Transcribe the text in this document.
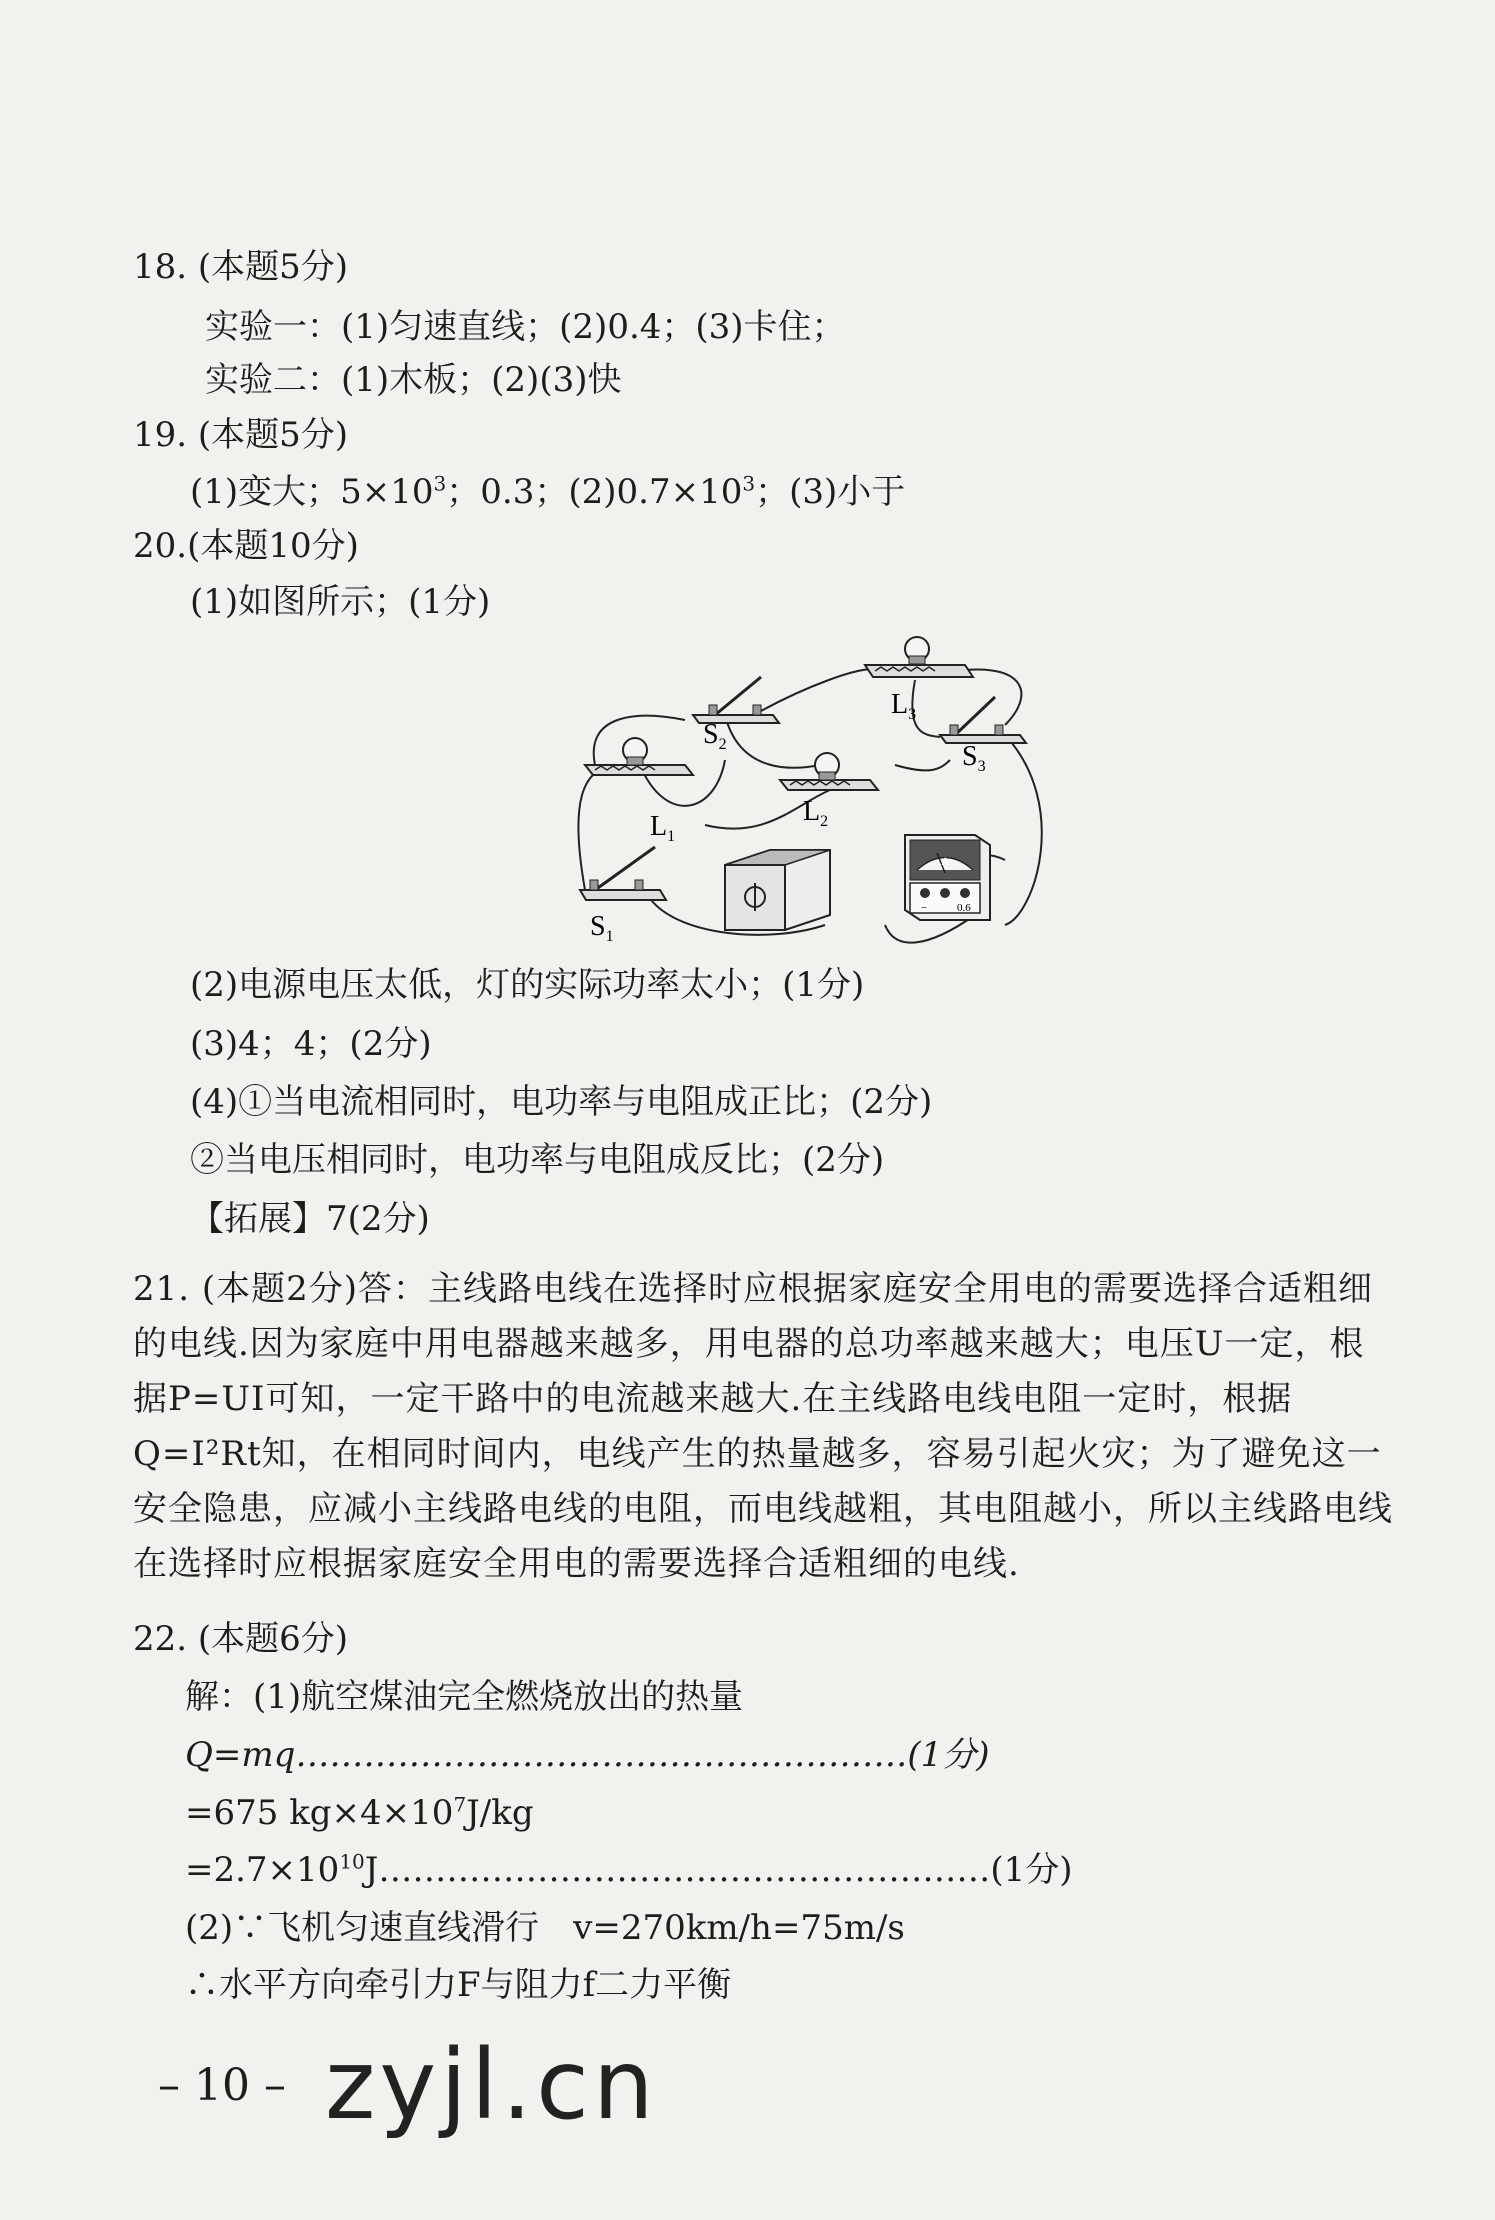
18. (本题5分)
实验一：(1)匀速直线；(2)0.4；(3)卡住；
实验二：(1)木板；(2)(3)快
19. (本题5分)
(1)变大；$5\times 10^3$；0.3；$(2)0.7\times 10^3$；(3)小于
20.(本题10分)
(1)如图所示；(1分)
$S_2$	$S_3$
$S_1$
$L_1$
$L_2$
$L_3$
A
−	0.6
(2)电源电压太低，灯的实际功率太小；(1分)
(3)4；4；(2分)
(4)①当电流相同时，电功率与电阻成正比；(2分)
②当电压相同时，电功率与电阻成反比；(2分)
【拓展】7(2分)
21. (本题2分)答：主线路电线在选择时应根据家庭安全用电的需要选择合适粗细的电线.因为家庭中用电器越来越多，用电器的总功率越来越大；电压U一定，根据P=UI可知，一定干路中的电流越来越大.在主线路电线电阻一定时，根据Q=I²Rt知，在相同时间内，电线产生的热量越多，容易引起火灾；为了避免这一安全隐患，应减小主线路电线的电阻，而电线越粗，其电阻越小，所以主线路电线在选择时应根据家庭安全用电的需要选择合适粗细的电线.
22. (本题6分)
解：(1)航空煤油完全燃烧放出的热量
Q=mq………………………………………………(1分)
=675 $kg\times 4\times 10^7J/kg$
$=2.7\times 10^{10}J\dots\dots\dots\dots\dots\dots\dots\dots\dots\dots\dots\dots\dots\dots\dots\dots\dots\dots(1$分)
(2)∵飞机匀速直线滑行　v=270km/h=75m/s
∴水平方向牵引力F与阻力f二力平衡
– 10 – zyjl.cn
